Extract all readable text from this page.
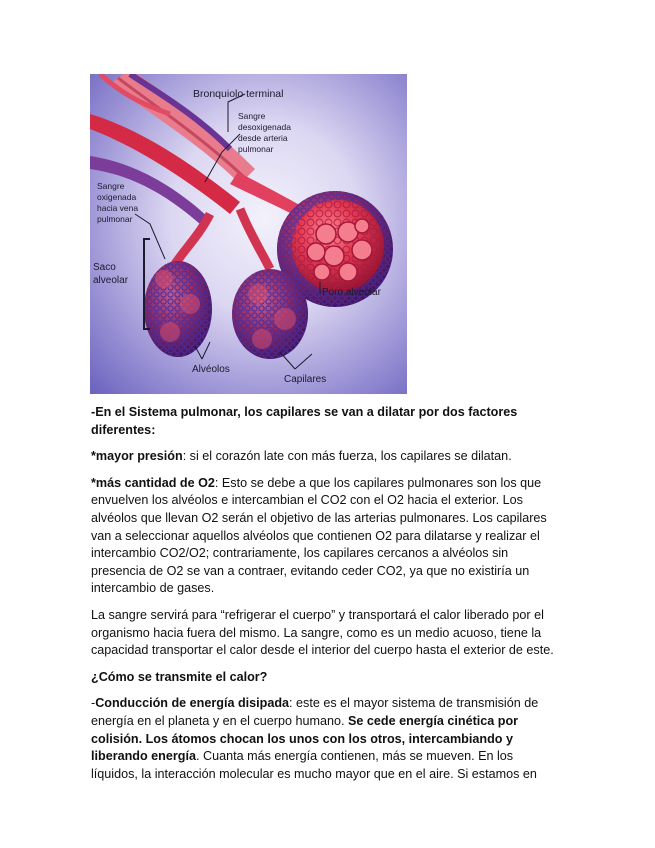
Bronquiolo terminal
Sangre desoxigenada desde arteria pulmonar
Sangre oxigenada hacia vena pulmonar
Saco alveolar
Poro alveolar
Alvéolos
Capilares

-En el Sistema pulmonar, los capilares se van a dilatar por dos factores diferentes:

*mayor presión: si el corazón late con más fuerza, los capilares se dilatan.

*más cantidad de O2: Esto se debe a que los capilares pulmonares son los que envuelven los alvéolos e intercambian el CO2 con el O2 hacia el exterior. Los alvéolos que llevan O2 serán el objetivo de las arterias pulmonares. Los capilares van a seleccionar aquellos alvéolos que contienen O2 para dilatarse y realizar el intercambio CO2/O2; contrariamente, los capilares cercanos a alvéolos sin presencia de O2 se van a contraer, evitando ceder CO2, ya que no existiría un intercambio de gases.

La sangre servirá para “refrigerar el cuerpo” y transportará el calor liberado por el organismo hacia fuera del mismo. La sangre, como es un medio acuoso, tiene la capacidad transportar el calor desde el interior del cuerpo hasta el exterior de este.

¿Cómo se transmite el calor?

-Conducción de energía disipada: este es el mayor sistema de transmisión de energía en el planeta y en el cuerpo humano. Se cede energía cinética por colisión. Los átomos chocan los unos con los otros, intercambiando y liberando energía. Cuanta más energía contienen, más se mueven. En los líquidos, la interacción molecular es mucho mayor que en el aire. Si estamos en
